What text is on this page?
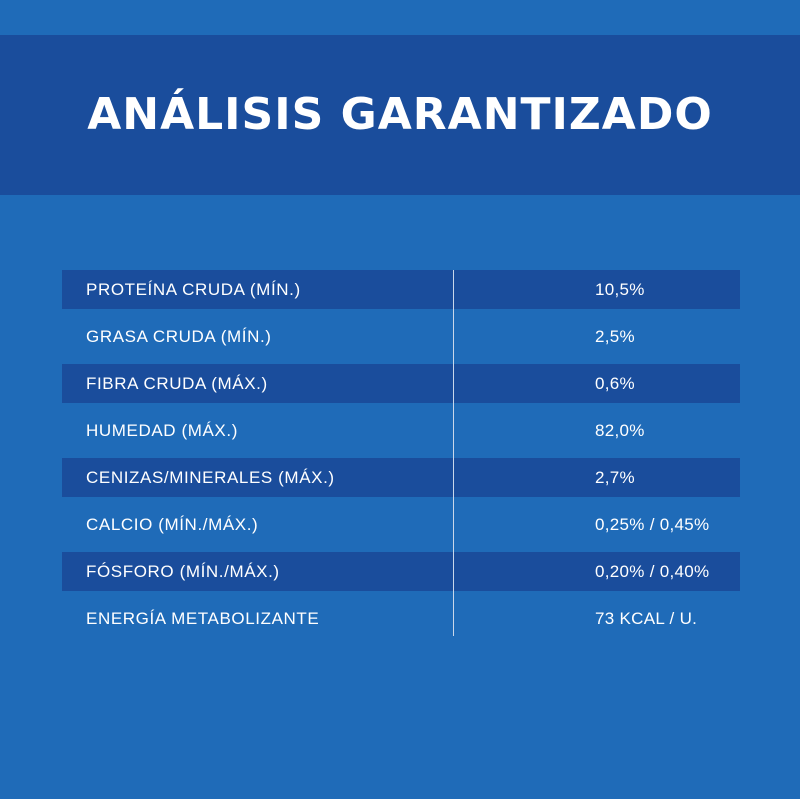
ANÁLISIS GARANTIZADO
PROTEÍNA CRUDA (MÍN.)	10,5%
GRASA CRUDA (MÍN.)	2,5%
FIBRA CRUDA (MÁX.)	0,6%
HUMEDAD (MÁX.)	82,0%
CENIZAS/MINERALES (MÁX.)	2,7%
CALCIO (MÍN./MÁX.)	0,25% / 0,45%
FÓSFORO (MÍN./MÁX.)	0,20% / 0,40%
ENERGÍA METABOLIZANTE	73 KCAL / U.
